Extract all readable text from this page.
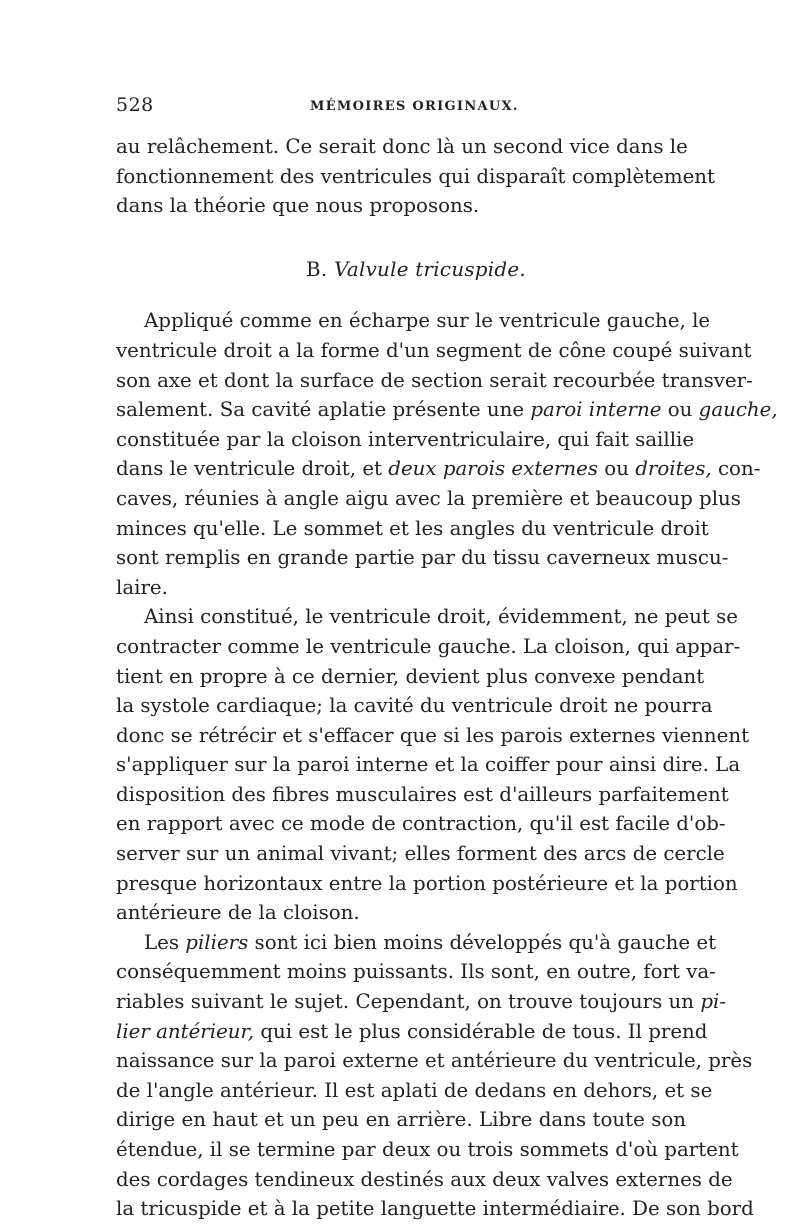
528	MÉMOIRES ORIGINAUX.
au relâchement. Ce serait donc là un second vice dans le
fonctionnement des ventricules qui disparaît complètement
dans la théorie que nous proposons.
B. Valvule tricuspide.
Appliqué comme en écharpe sur le ventricule gauche, le
ventricule droit a la forme d'un segment de cône coupé suivant
son axe et dont la surface de section serait recourbée transver-
salement. Sa cavité aplatie présente une paroi interne ou gauche,
constituée par la cloison interventriculaire, qui fait saillie
dans le ventricule droit, et deux parois externes ou droites, con-
caves, réunies à angle aigu avec la première et beaucoup plus
minces qu'elle. Le sommet et les angles du ventricule droit
sont remplis en grande partie par du tissu caverneux muscu-
laire.
Ainsi constitué, le ventricule droit, évidemment, ne peut se
contracter comme le ventricule gauche. La cloison, qui appar-
tient en propre à ce dernier, devient plus convexe pendant
la systole cardiaque; la cavité du ventricule droit ne pourra
donc se rétrécir et s'effacer que si les parois externes viennent
s'appliquer sur la paroi interne et la coiffer pour ainsi dire. La
disposition des fibres musculaires est d'ailleurs parfaitement
en rapport avec ce mode de contraction, qu'il est facile d'ob-
server sur un animal vivant; elles forment des arcs de cercle
presque horizontaux entre la portion postérieure et la portion
antérieure de la cloison.
Les piliers sont ici bien moins développés qu'à gauche et
conséquemment moins puissants. Ils sont, en outre, fort va-
riables suivant le sujet. Cependant, on trouve toujours un pi-
lier antérieur, qui est le plus considérable de tous. Il prend
naissance sur la paroi externe et antérieure du ventricule, près
de l'angle antérieur. Il est aplati de dedans en dehors, et se
dirige en haut et un peu en arrière. Libre dans toute son
étendue, il se termine par deux ou trois sommets d'où partent
des cordages tendineux destinés aux deux valves externes de
la tricuspide et à la petite languette intermédiaire. De son bord
